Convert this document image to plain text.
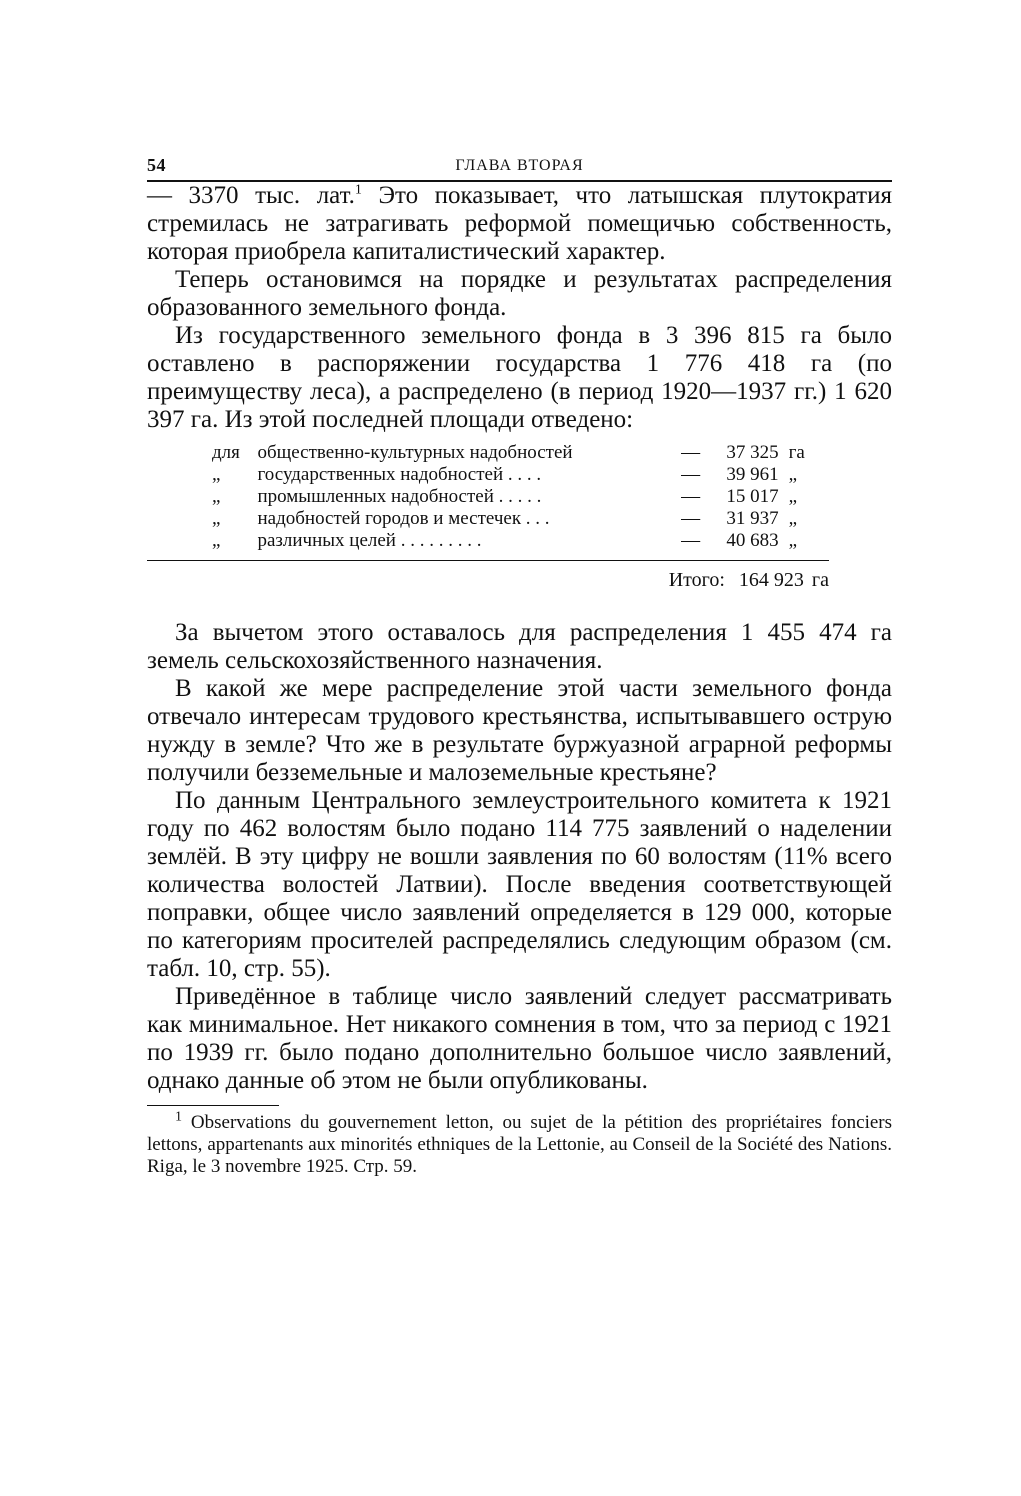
54	ГЛАВА ВТОРАЯ

— 3370 тыс. лат.$^1$ Это показывает, что латышская плутократия стремилась не затрагивать реформой помещичью собственность, которая приобрела капиталистический характер.

Теперь остановимся на порядке и результатах распределения образованного земельного фонда.

Из государственного земельного фонда в 3 396 815 га было оставлено в распоряжении государства 1 776 418 га (по преимуществу леса), а распределено (в период 1920—1937 гг.) 1 620 397 га. Из этой последней площади отведено:

для	общественно-культурных надобностей	—	37 325	га
„	государственных надобностей . . . .	—	39 961	„
„	промышленных надобностей . . . . .	—	15 017	„
„	надобностей городов и местечек . . .	—	31 937	„
„	различных целей . . . . . . . . .	—	40 683	„
Итого: 164 923 га

За вычетом этого оставалось для распределения 1 455 474 га земель сельскохозяйственного назначения.

В какой же мере распределение этой части земельного фонда отвечало интересам трудового крестьянства, испытывавшего острую нужду в земле? Что же в результате буржуазной аграрной реформы получили безземельные и малоземельные крестьяне?

По данным Центрального землеустроительного комитета к 1921 году по 462 волостям было подано 114 775 заявлений о наделении землёй. В эту цифру не вошли заявления по 60 волостям (11% всего количества волостей Латвии). После введения соответствующей поправки, общее число заявлений определяется в 129 000, которые по категориям просителей распределялись следующим образом (см. табл. 10, стр. 55).

Приведённое в таблице число заявлений следует рассматривать как минимальное. Нет никакого сомнения в том, что за период с 1921 по 1939 гг. было подано дополнительно большое число заявлений, однако данные об этом не были опубликованы.

$^1$ Observations du gouvernement letton, ou sujet de la pétition des propriétaires fonciers lettons, appartenants aux minorités ethniques de la Lettonie, au Conseil de la Société des Nations. Riga, le 3 novembre 1925. Стр. 59.
